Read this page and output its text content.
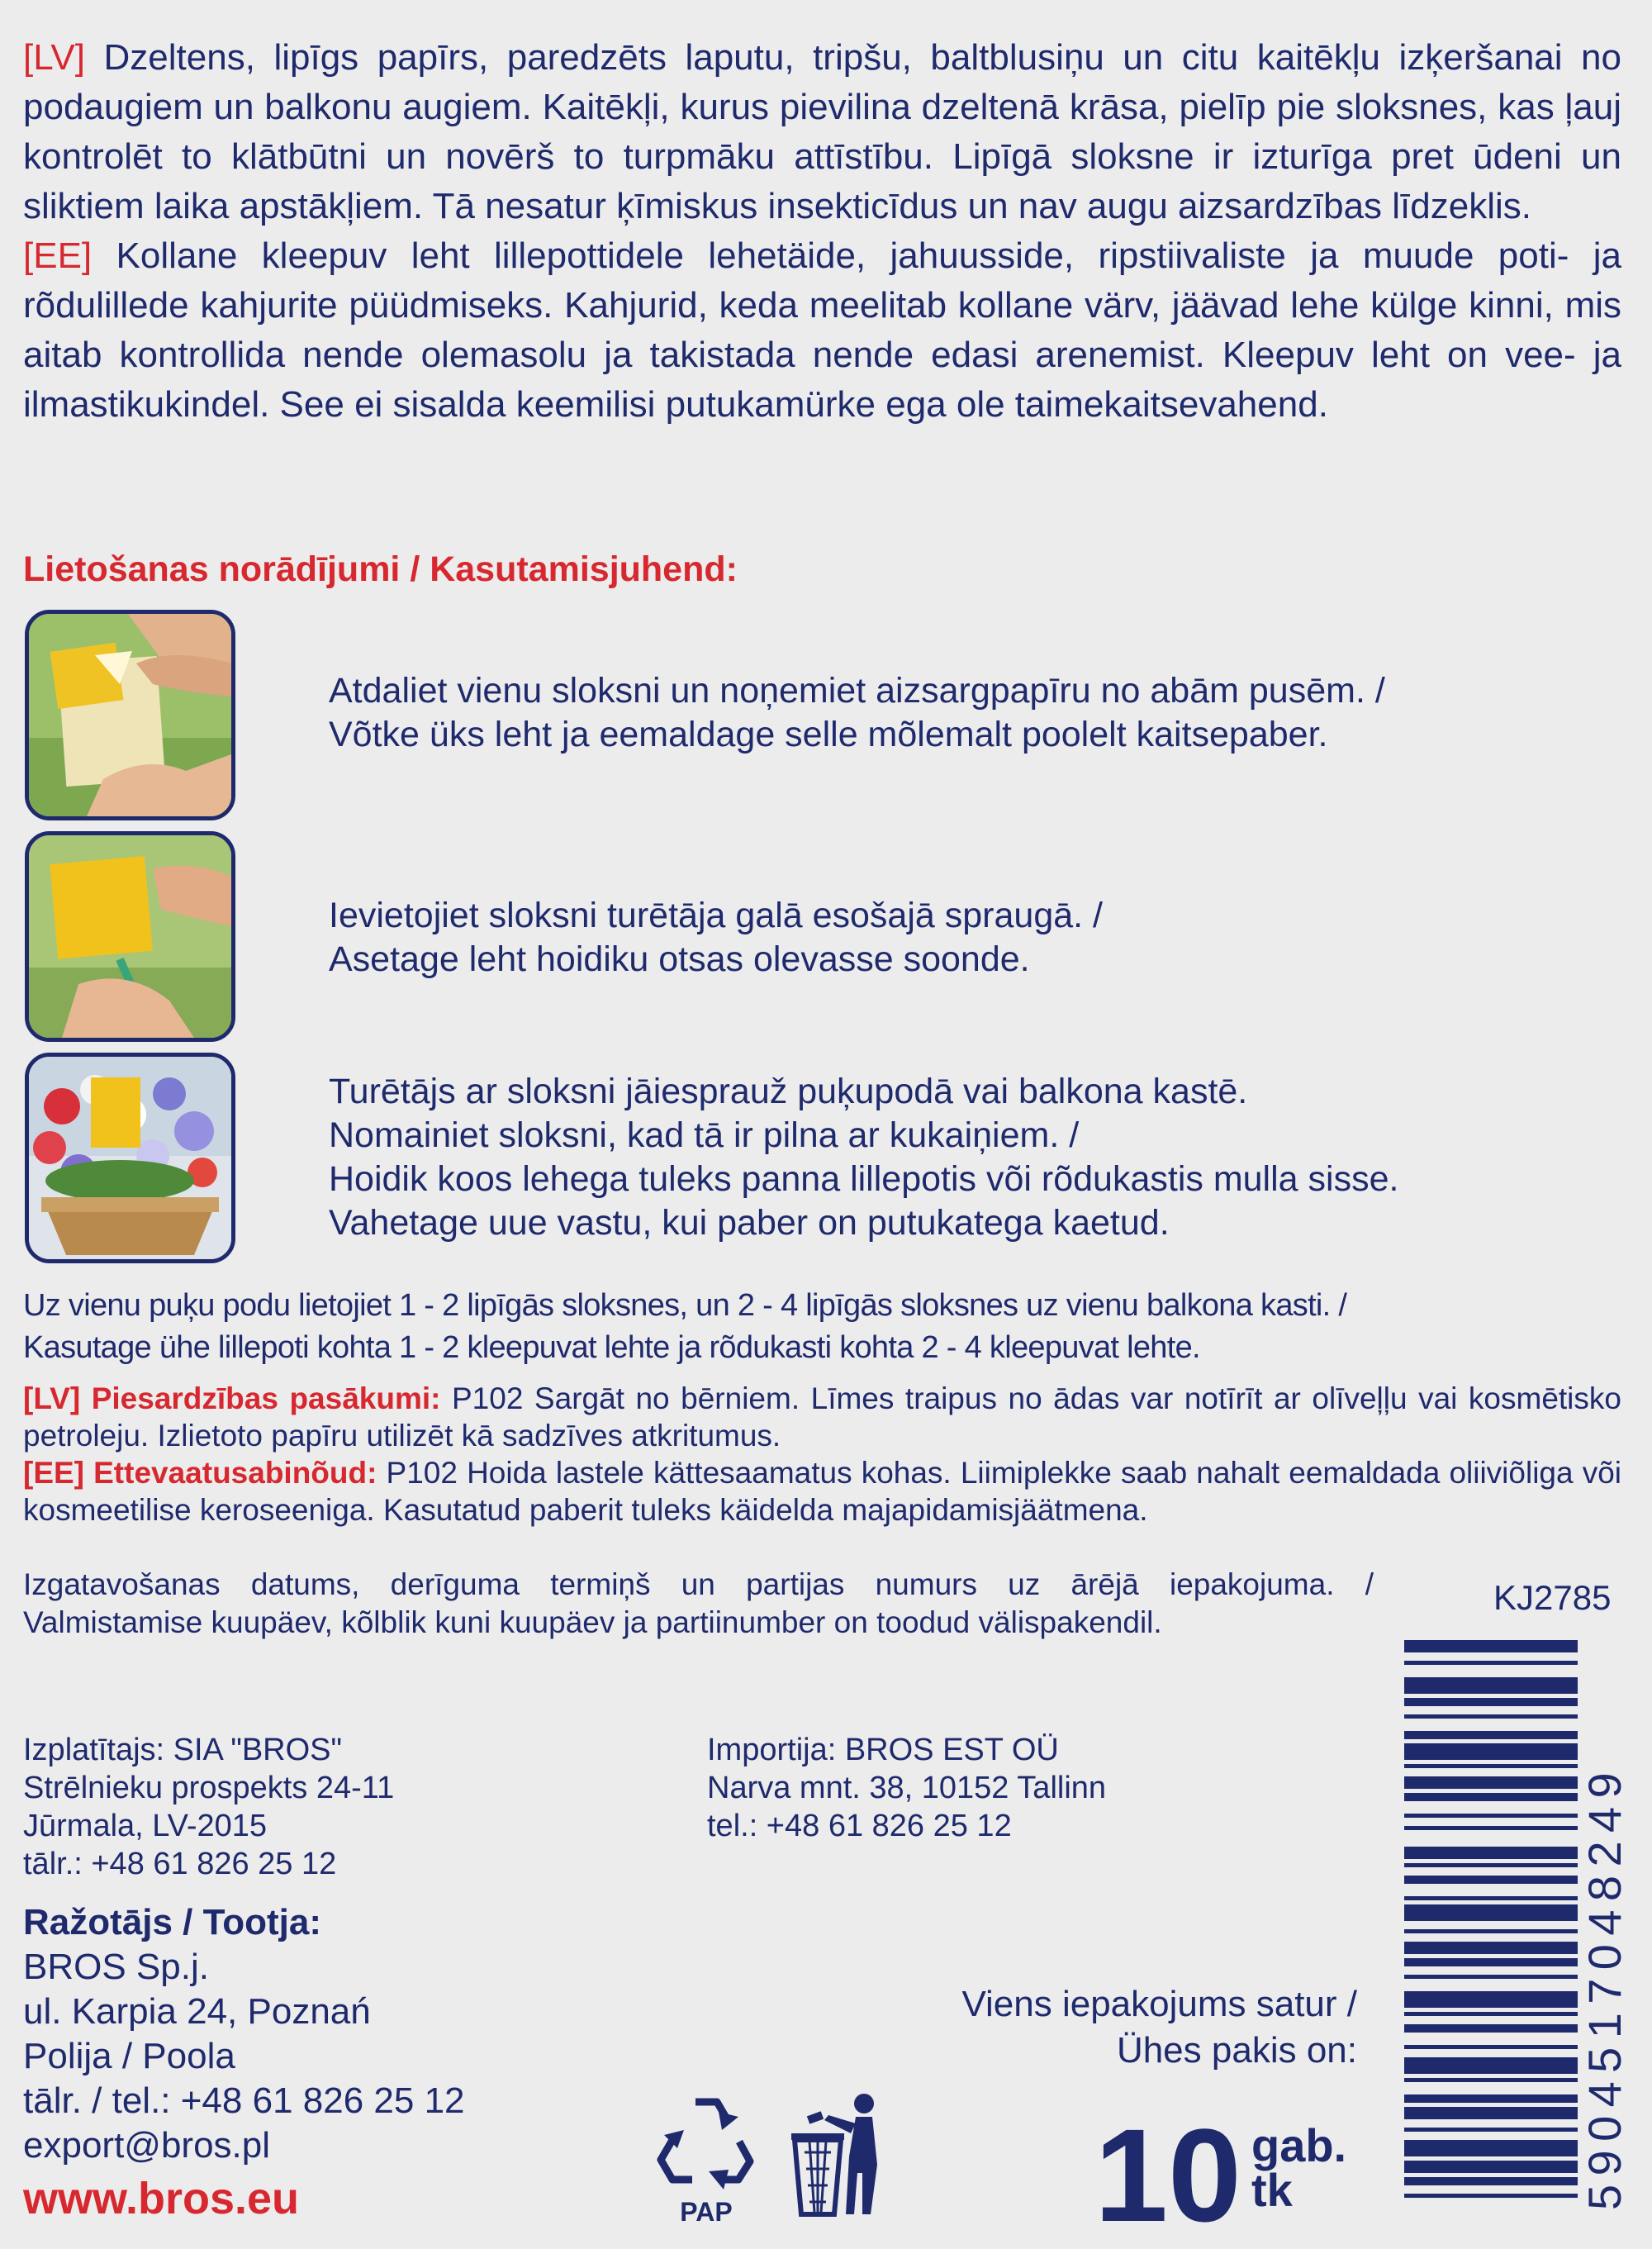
[LV] Dzeltens, lipīgs papīrs, paredzēts laputu, tripšu, baltblusiņu un citu kaitēkļu izķeršanai no podaugiem un balkonu augiem. Kaitēkļi, kurus pievilina dzeltenā krāsa, pielīp pie sloksnes, kas ļauj kontrolēt to klātbūtni un novērš to turpmāku attīstību. Lipīgā sloksne ir izturīga pret ūdeni un sliktiem laika apstākļiem. Tā nesatur ķīmiskus insekticīdus un nav augu aizsardzības līdzeklis.

[EE] Kollane kleepuv leht lillepottidele lehetäide, jahuusside, ripstiivaliste ja muude poti- ja rõdulillede kahjurite püüdmiseks. Kahjurid, keda meelitab kollane värv, jäävad lehe külge kinni, mis aitab kontrollida nende olemasolu ja takistada nende edasi arenemist. Kleepuv leht on vee- ja ilmastikukindel. See ei sisalda keemilisi putukamürke ega ole taimekaitsevahend.

Lietošanas norādījumi / Kasutamisjuhend:

Atdaliet vienu sloksni un noņemiet aizsargpapīru no abām pusēm. /

Võtke üks leht ja eemaldage selle mõlemalt poolelt kaitsepaber.

Ievietojiet sloksni turētāja galā esošajā spraugā. /

Asetage leht hoidiku otsas olevasse soonde.

Turētājs ar sloksni jāiesprauž puķupodā vai balkona kastē.

Nomainiet sloksni, kad tā ir pilna ar kukaiņiem. /

Hoidik koos lehega tuleks panna lillepotis või rõdukastis mulla sisse.

Vahetage uue vastu, kui paber on putukatega kaetud.

Uz vienu puķu podu lietojiet 1 - 2 lipīgās sloksnes, un 2 - 4 lipīgās sloksnes uz vienu balkona kasti. /

Kasutage ühe lillepoti kohta 1 - 2 kleepuvat lehte ja rõdukasti kohta 2 - 4 kleepuvat lehte.

[LV] Piesardzības pasākumi: P102 Sargāt no bērniem. Līmes traipus no ādas var notīrīt ar olīveļļu vai kosmētisko petroleju. Izlietoto papīru utilizēt kā sadzīves atkritumus.

[EE] Ettevaatusabinõud: P102 Hoida lastele kättesaamatus kohas. Liimiplekke saab nahalt eemaldada oliiviõliga või kosmeetilise keroseeniga. Kasutatud paberit tuleks käidelda majapidamisjäätmena.

Izgatavošanas datums, derīguma termiņš un partijas numurs uz ārējā iepakojuma. /

Valmistamise kuupäev, kõlblik kuni kuupäev ja partiinumber on toodud välispakendil.

KJ2785

Izplatītajs: SIA "BROS"

Strēlnieku prospekts 24-11

Jūrmala, LV-2015

tālr.: +48 61 826 25 12

Importija: BROS EST OÜ

Narva mnt. 38, 10152 Tallinn

tel.: +48 61 826 25 12

Ražotājs / Tootja:

BROS Sp.j.

ul. Karpia 24, Poznań

Polija / Poola

tālr. / tel.: +48 61 826 25 12

export@bros.pl

www.bros.eu	PAP

Viens iepakojums satur /

Ühes pakis on:

10 gab.

tk	5904517048249
